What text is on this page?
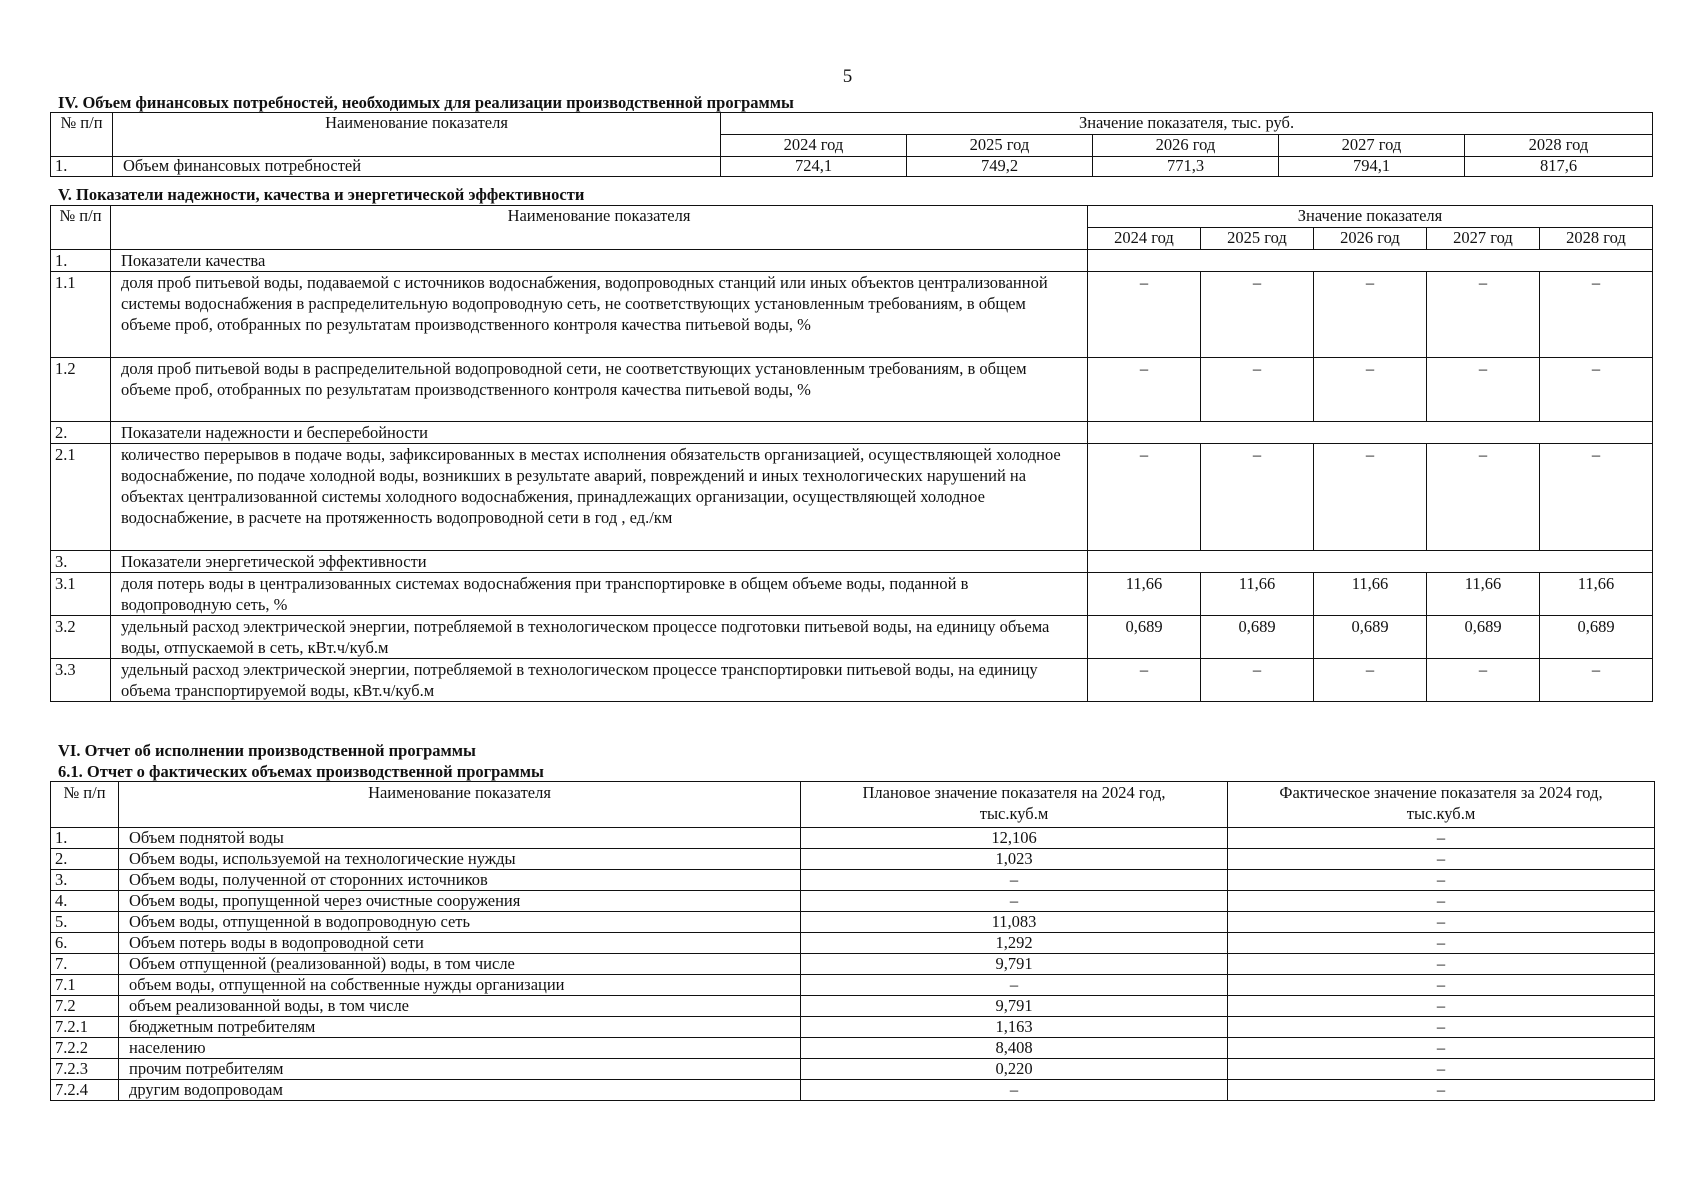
5
IV. Объем финансовых потребностей, необходимых для реализации производственной программы
№ п/п	Наименование показателя	Значение показателя, тыс. руб.				
		2024 год	2025 год	2026 год	2027 год	2028 год
1.	Объем финансовых потребностей	724,1	749,2	771,3	794,1	817,6
V. Показатели надежности, качества и энергетической эффективности
№ п/п	Наименование показателя	Значение показателя				
		2024 год	2025 год	2026 год	2027 год	2028 год
1.	Показатели качества					
1.1	доля проб питьевой воды, подаваемой с источников водоснабжения, водопроводных станций или иных объектов централизованной системы водоснабжения в распределительную водопроводную сеть, не соответствующих установленным требованиям, в общем объеме проб, отобранных по результатам производственного контроля качества питьевой воды, %	–	–	–	–	–
1.2	доля проб питьевой воды в распределительной водопроводной сети, не соответствующих установленным требованиям, в общем объеме проб, отобранных по результатам производственного контроля качества питьевой воды, %	–	–	–	–	–
2.	Показатели надежности и бесперебойности					
2.1	количество перерывов в подаче воды, зафиксированных в местах исполнения обязательств организацией, осуществляющей холодное водоснабжение, по подаче холодной воды, возникших в результате аварий, повреждений и иных технологических нарушений на объектах централизованной системы холодного водоснабжения, принадлежащих организации, осуществляющей холодное водоснабжение, в расчете на протяженность водопроводной сети в год , ед./км	–	–	–	–	–
3.	Показатели энергетической эффективности					
3.1	доля потерь воды в централизованных системах водоснабжения при транспортировке в общем объеме воды, поданной в водопроводную сеть, %	11,66	11,66	11,66	11,66	11,66
3.2	удельный расход электрической энергии, потребляемой в технологическом процессе подготовки питьевой воды, на единицу объема воды, отпускаемой в сеть, кВт.ч/куб.м	0,689	0,689	0,689	0,689	0,689
3.3	удельный расход электрической энергии, потребляемой в технологическом процессе транспортировки питьевой воды, на единицу объема транспортируемой воды, кВт.ч/куб.м	–	–	–	–	–
VI. Отчет об исполнении производственной программы
6.1. Отчет о фактических объемах производственной программы
№ п/п	Наименование показателя	Плановое значение показателя на 2024 год, тыс.куб.м	Фактическое значение показателя за 2024 год, тыс.куб.м
1.	Объем поднятой воды	12,106	–
2.	Объем воды, используемой на технологические нужды	1,023	–
3.	Объем воды, полученной от сторонних источников	–	–
4.	Объем воды, пропущенной через очистные сооружения	–	–
5.	Объем воды, отпущенной в водопроводную сеть	11,083	–
6.	Объем потерь воды в водопроводной сети	1,292	–
7.	Объем отпущенной (реализованной) воды, в том числе	9,791	–
7.1	объем воды, отпущенной на собственные нужды организации	–	–
7.2	объем реализованной воды, в том числе	9,791	–
7.2.1	бюджетным потребителям	1,163	–
7.2.2	населению	8,408	–
7.2.3	прочим потребителям	0,220	–
7.2.4	другим водопроводам	–	–
